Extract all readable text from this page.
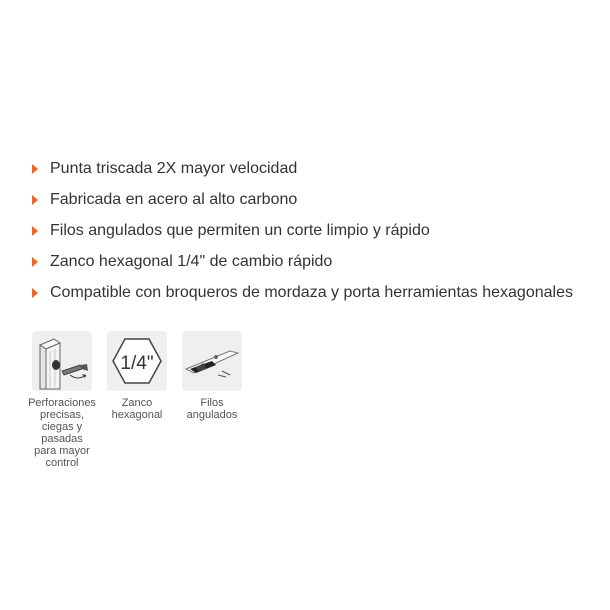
Punta triscada 2X mayor velocidad
Fabricada en acero al alto carbono
Filos angulados que permiten un corte limpio y rápido
Zanco hexagonal 1/4" de cambio rápido
Compatible con broqueros de mordaza y porta herramientas hexagonales
Perforaciones
precisas,
ciegas y
pasadas
para mayor
control
1/4"
Zanco
hexagonal
Filos
angulados
